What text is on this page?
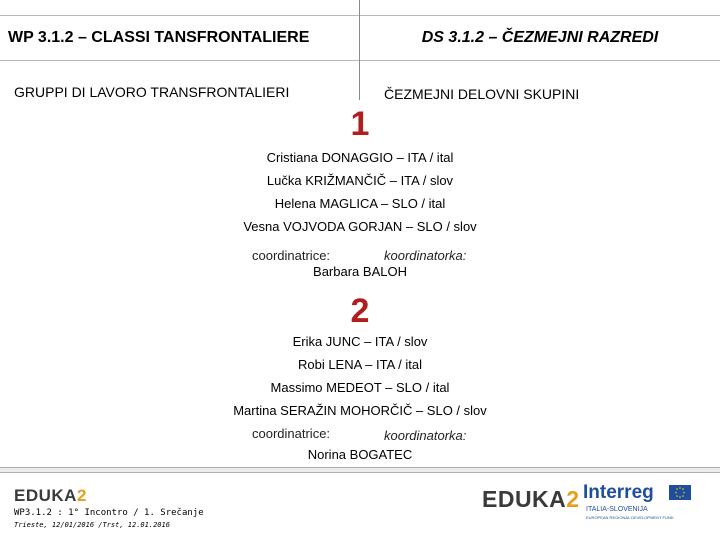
WP 3.1.2 – CLASSI TANSFRONTALIERE	DS 3.1.2 – ČEZMEJNI RAZREDI
GRUPPI DI LAVORO TRANSFRONTALIERI	ČEZMEJNI DELOVNI SKUPINI
1
Cristiana DONAGGIO – ITA / ital
Lučka KRIŽMANČIČ – ITA / slov
Helena MAGLICA – SLO / ital
Vesna VOJVODA GORJAN – SLO / slov
coordinatrice:	koordinatorka:
Barbara BALOH
2
Erika JUNC – ITA / slov
Robi LENA – ITA / ital
Massimo MEDEOT – SLO / ital
Martina SERAŽIN MOHORČIČ – SLO / slov
coordinatrice:	koordinatorka:
Norina BOGATEC
EDUKA2
WP3.1.2 : 1° Incontro / 1. Srečanje
Trieste, 12/01/2016 /Trst, 12.01.2016
EDUKA2 Interreg
ITALIA-SLOVENIJA
EUROPEAN REGIONAL DEVELOPMENT FUND
